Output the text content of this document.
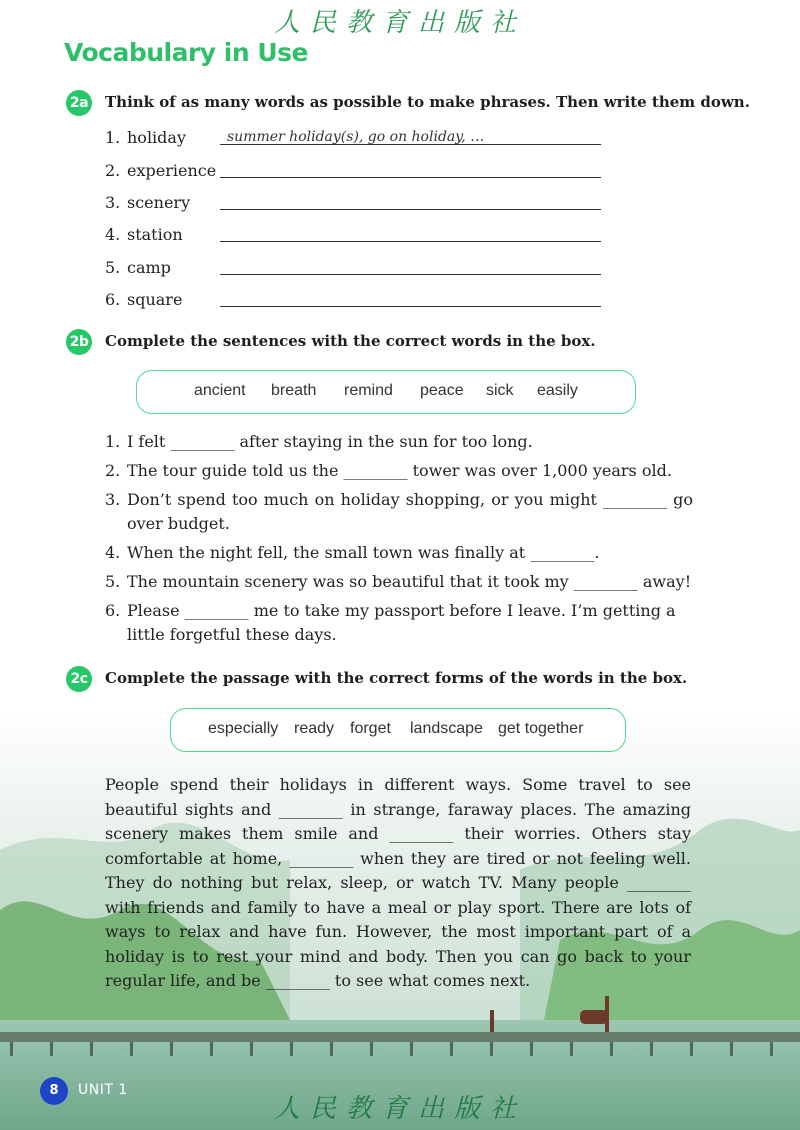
人民教育出版社
Vocabulary in Use
2a Think of as many words as possible to make phrases. Then write them down.
1. holiday	summer holiday(s), go on holiday, …
2. experience
3. scenery
4. station
5. camp
6. square
2b Complete the sentences with the correct words in the box.
ancient breath remind peace sick easily
1. I felt ________ after staying in the sun for too long.
2. The tour guide told us the ________ tower was over 1,000 years old.
3. Don’t spend too much on holiday shopping, or you might ________ go over budget.
4. When the night fell, the small town was finally at ________.
5. The mountain scenery was so beautiful that it took my ________ away!
6. Please ________ me to take my passport before I leave. I’m getting a little forgetful these days.
2c Complete the passage with the correct forms of the words in the box.
especially ready forget landscape get together
People spend their holidays in different ways. Some travel to see beautiful sights and ________ in strange, faraway places. The amazing scenery makes them smile and ________ their worries. Others stay comfortable at home, ________ when they are tired or not feeling well. They do nothing but relax, sleep, or watch TV. Many people ________ with friends and family to have a meal or play sport. There are lots of ways to relax and have fun. However, the most important part of a holiday is to rest your mind and body. Then you can go back to your regular life, and be ________ to see what comes next.
8	UNIT 1
人民教育出版社
